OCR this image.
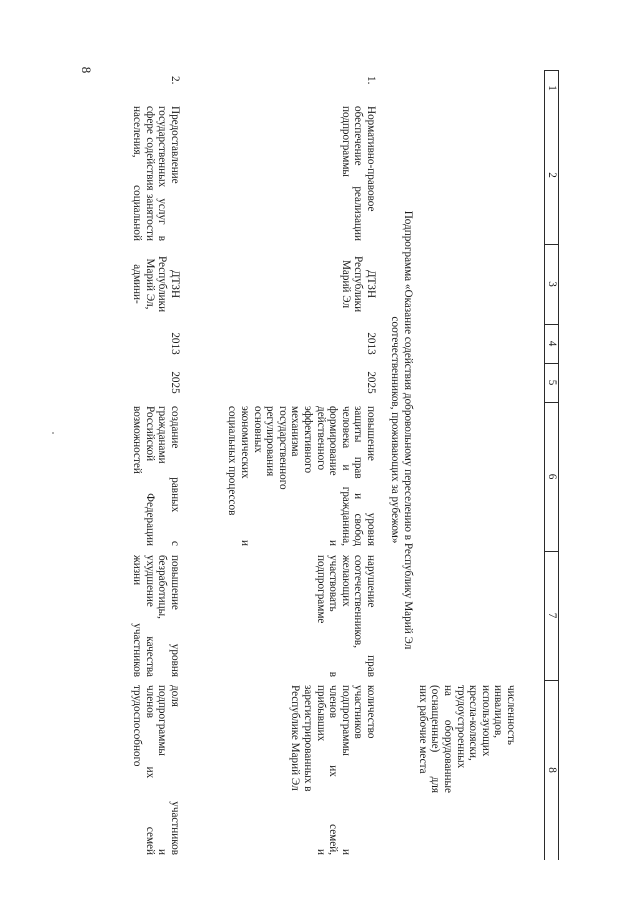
8
1
2
3
4
5
6
7
8
численность
инвалидов,
использующих
кресла-коляски,
трудоустроенных
на оборудованные
(оснащенные) для
них рабочие места
Подпрограмма «Оказание содействия добровольному переселению в Республику Марий Эл
соотечественников, проживающих за рубежом»
1.
Нормативно-правовое
обеспечение реализации
подпрограммы
ДТЗН
Республики
Марий Эл
2013
2025
повышение уровня
защиты прав и свобод
человека и гражданина,
формирование и
действенного
эффективного
механизма
государственного
регулирования
основных
экономических и
социальных процессов
нарушение прав
соотечественников,
желающих
участвовать в
подпрограмме
количество
участников
подпрограммы и
членов их семей,
прибывших и
зарегистрированных в
Республике Марий Эл
2.
Предоставление
государственных услуг в
сфере содействия занятости
населения, социальной
ДТЗН
Республики
Марий Эл,
админи-
2013
2025
создание равных с
гражданами
Российской Федерации
возможностей
повышение уровня
безработицы,
ухудшение качества
жизни участников
доля участников
подпрограммы и
членов их семей
трудоспособного
